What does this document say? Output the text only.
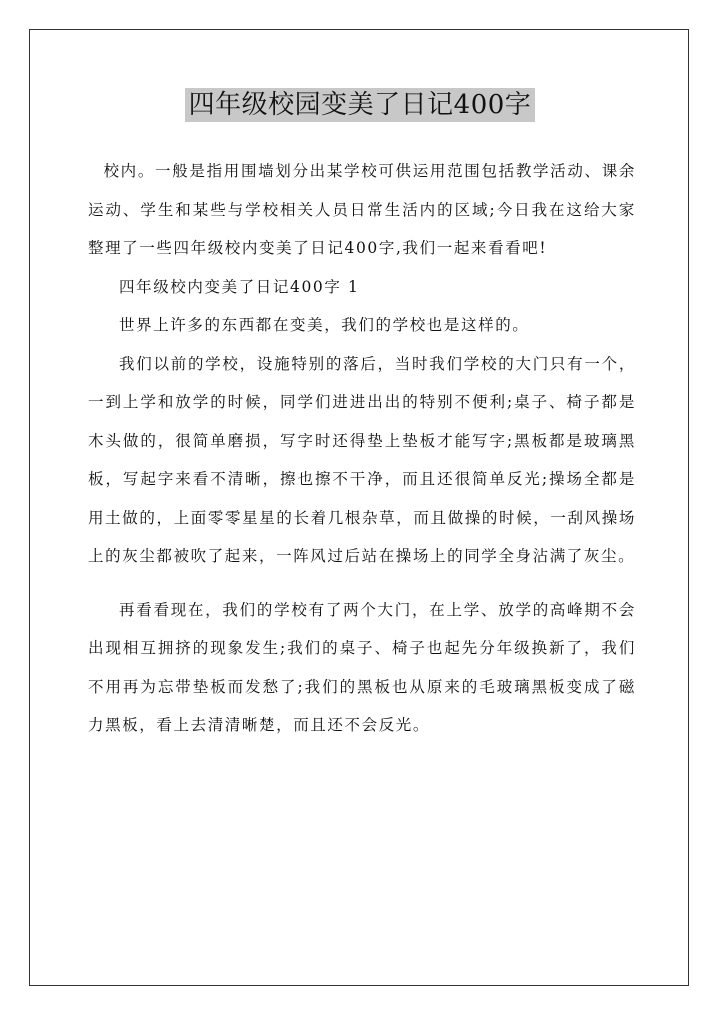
四年级校园变美了日记400字

校内。一般是指用围墙划分出某学校可供运用范围包括教学活动、课余运动、学生和某些与学校相关人员日常生活内的区域;今日我在这给大家整理了一些四年级校内变美了日记400字,我们一起来看看吧!

四年级校内变美了日记400字 1

世界上许多的东西都在变美，我们的学校也是这样的。

我们以前的学校，设施特别的落后，当时我们学校的大门只有一个，一到上学和放学的时候，同学们进进出出的特别不便利;桌子、椅子都是木头做的，很简单磨损，写字时还得垫上垫板才能写字;黑板都是玻璃黑板，写起字来看不清晰，擦也擦不干净，而且还很简单反光;操场全都是用土做的，上面零零星星的长着几根杂草，而且做操的时候，一刮风操场上的灰尘都被吹了起来，一阵风过后站在操场上的同学全身沾满了灰尘。

再看看现在，我们的学校有了两个大门，在上学、放学的高峰期不会出现相互拥挤的现象发生;我们的桌子、椅子也起先分年级换新了，我们不用再为忘带垫板而发愁了;我们的黑板也从原来的毛玻璃黑板变成了磁力黑板，看上去清清晰楚，而且还不会反光。
